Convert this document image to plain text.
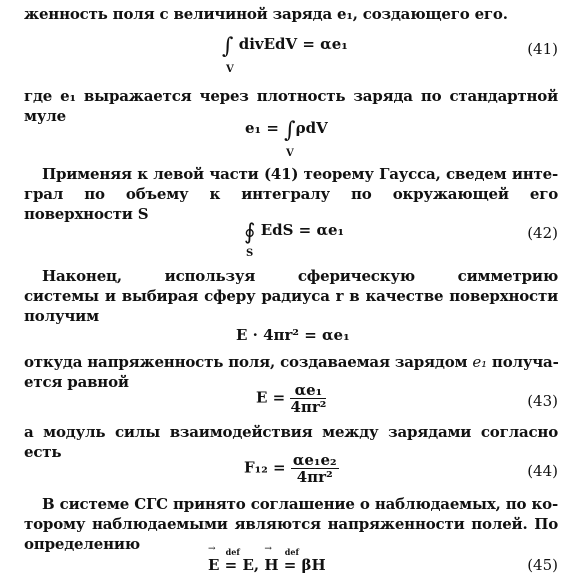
женность поля с величиной заряда e₁, создающего его.
∫ divEdV = αe₁
V
(41)
где e₁ выражается через плотность заряда по стандартной
муле
e₁ = ∫ρdV
V
Применяя к левой части (41) теорему Гаусса, сведем инте-
грал по объему к интегралу по окружающей его
поверхности S
∮ EdS = αe₁
S
(42)
Наконец, используя сферическую симметрию
системы и выбирая сферу радиуса r в качестве поверхности
получим
E · 4πr² = αe₁
откуда напряженность поля, создаваемая зарядом e₁ получа-
ется равной
$E = \frac{\text{αe₁}}{\text{4πr²}}$	(43)
а модуль силы взаимодействия между зарядами согласно
есть
$F_{12} = \frac{\text{αe₁e₂}}{\text{4πr²}}$	(44)
В системе СГС принято соглашение о наблюдаемых, по ко-
торому наблюдаемыми являются напряженности полей. По
определению
→ E
def
= E, → H
def
= βH	(45)
